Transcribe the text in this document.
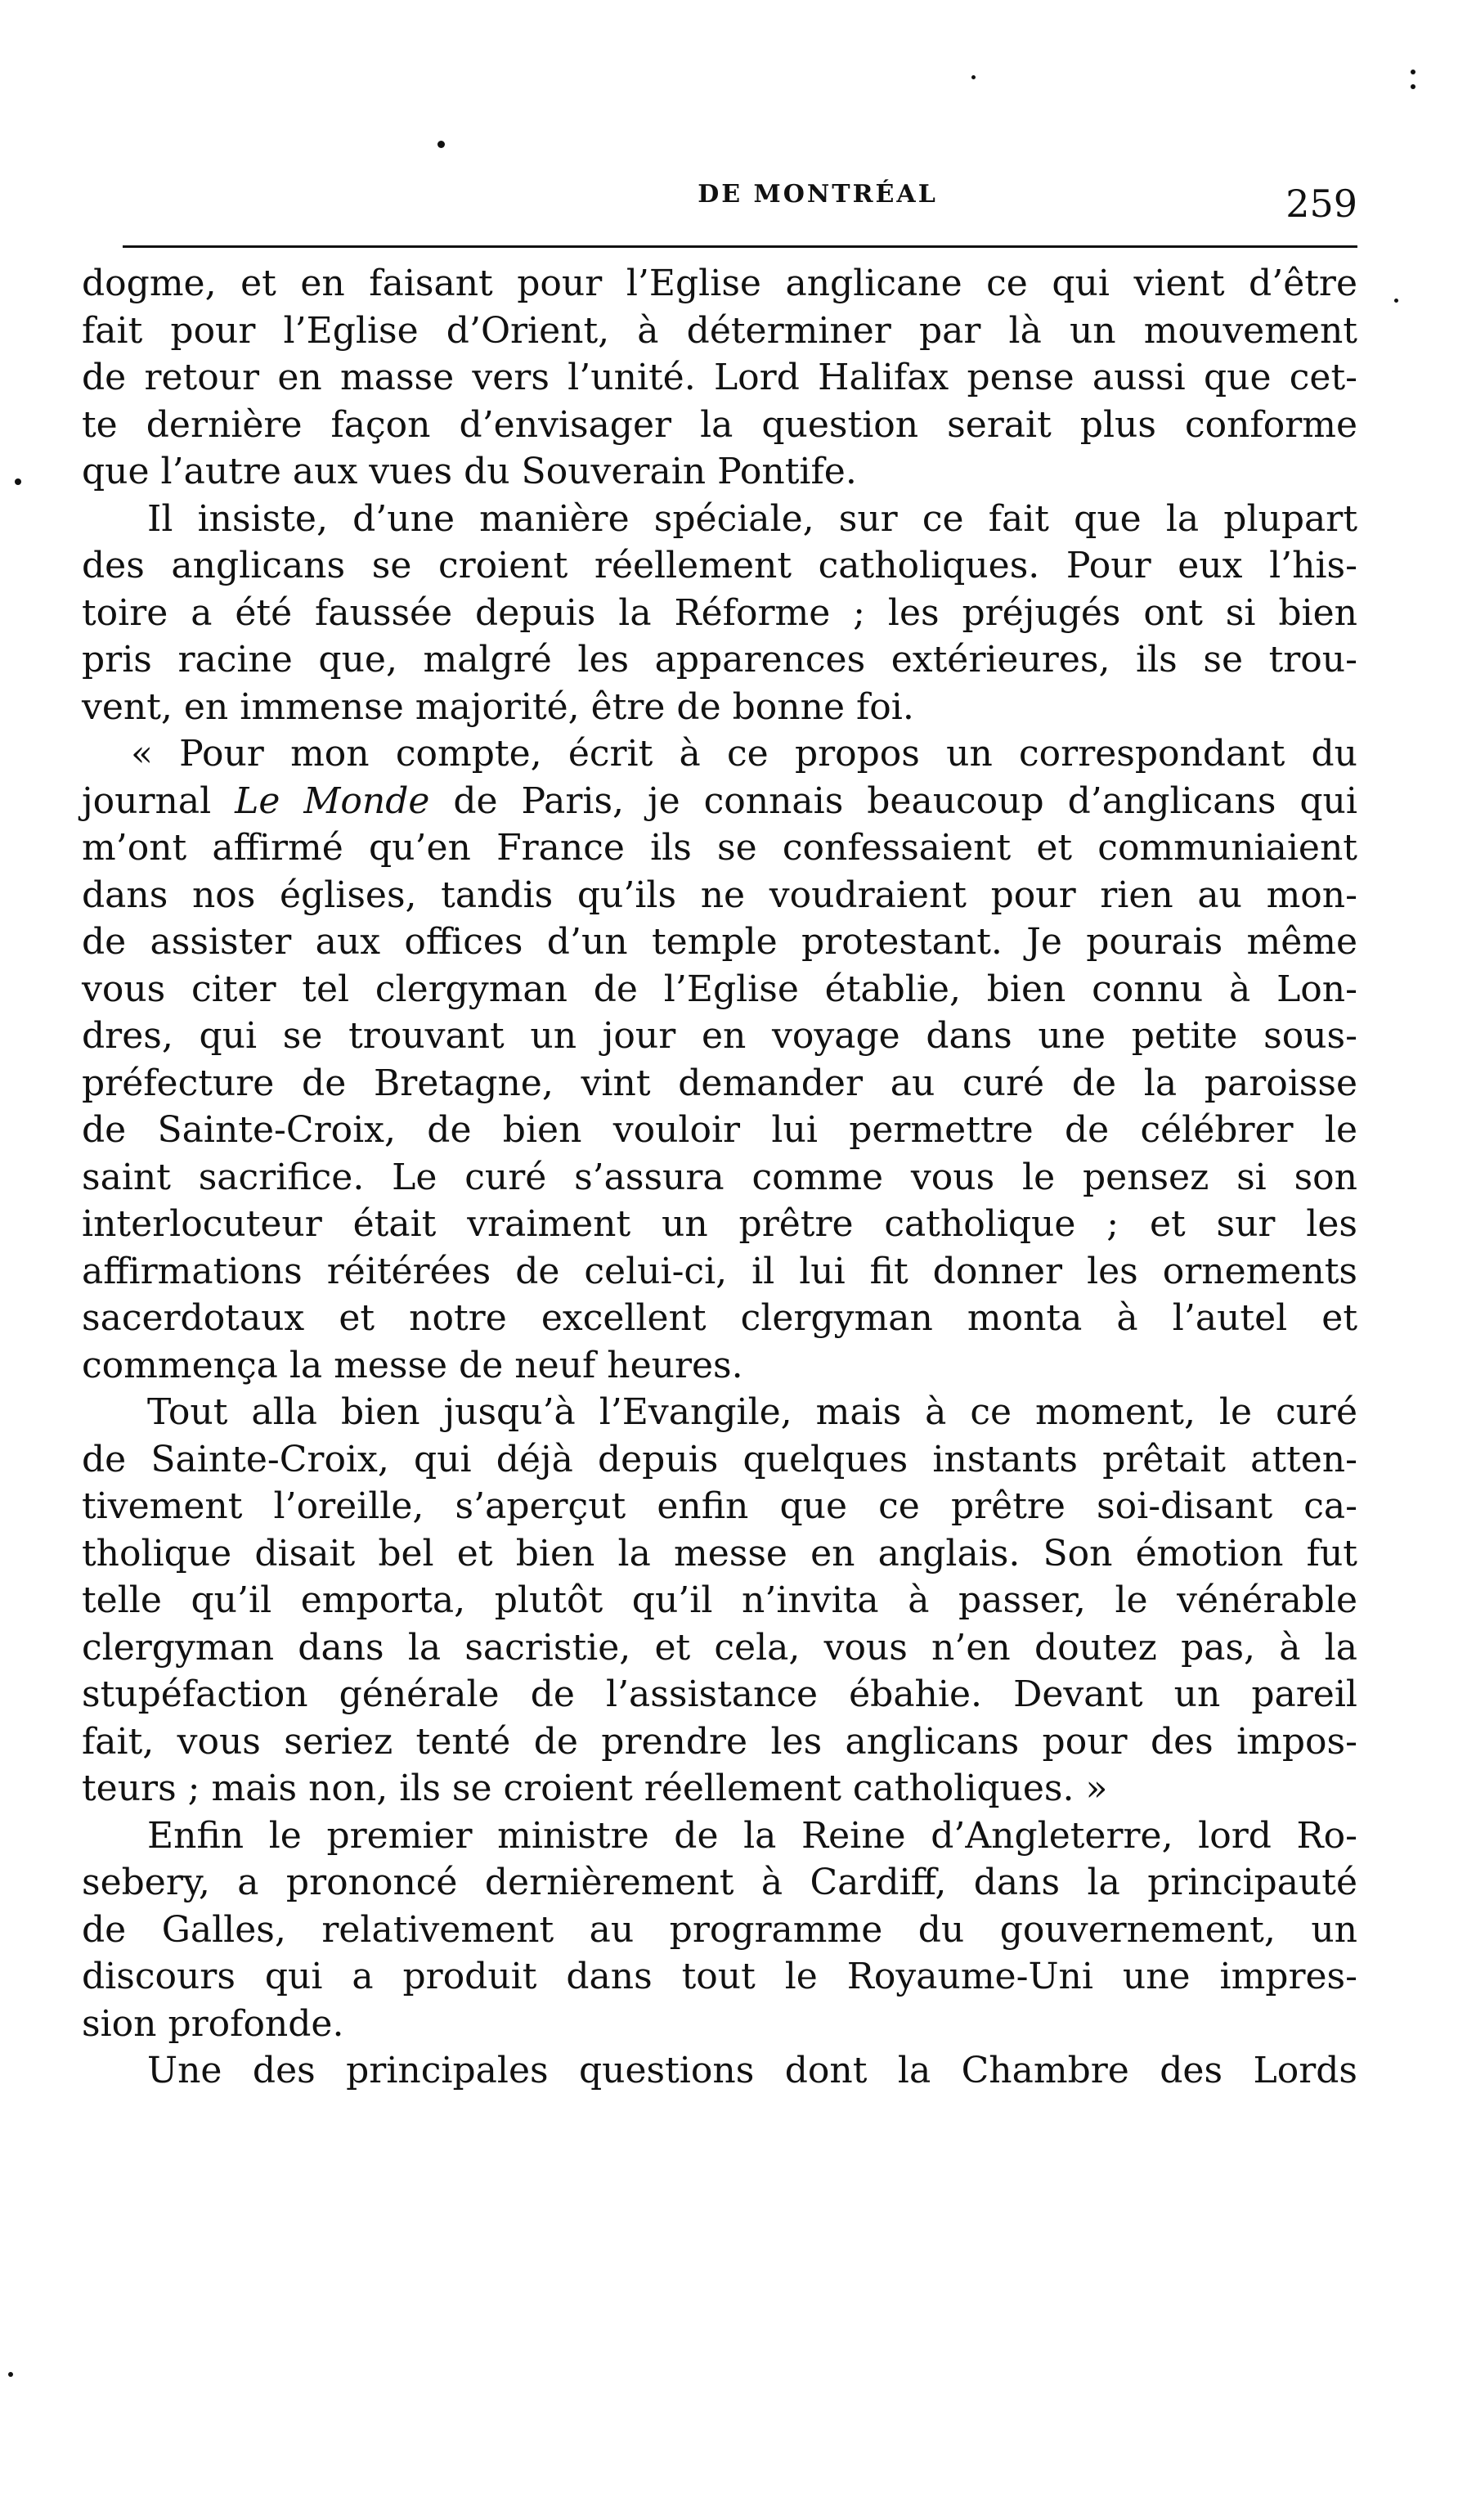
DE MONTRÉAL	259

dogme, et en faisant pour l’Eglise anglicane ce qui vient d’être
fait pour l’Eglise d’Orient, à déterminer par là un mouvement
de retour en masse vers l’unité. Lord Halifax pense aussi que cet-
te dernière façon d’envisager la question serait plus conforme
que l’autre aux vues du Souverain Pontife.

Il insiste, d’une manière spéciale, sur ce fait que la plupart
des anglicans se croient réellement catholiques. Pour eux l’his-
toire a été faussée depuis la Réforme ; les préjugés ont si bien
pris racine que, malgré les apparences extérieures, ils se trou-
vent, en immense majorité, être de bonne foi.

« Pour mon compte, écrit à ce propos un correspondant du
journal Le Monde de Paris, je connais beaucoup d’anglicans qui
m’ont affirmé qu’en France ils se confessaient et communiaient
dans nos églises, tandis qu’ils ne voudraient pour rien au mon-
de assister aux offices d’un temple protestant. Je pourais même
vous citer tel clergyman de l’Eglise établie, bien connu à Lon-
dres, qui se trouvant un jour en voyage dans une petite sous-
préfecture de Bretagne, vint demander au curé de la paroisse
de Sainte-Croix, de bien vouloir lui permettre de célébrer le
saint sacrifice. Le curé s’assura comme vous le pensez si son
interlocuteur était vraiment un prêtre catholique ; et sur les
affirmations réitérées de celui-ci, il lui fit donner les ornements
sacerdotaux et notre excellent clergyman monta à l’autel et
commença la messe de neuf heures.

Tout alla bien jusqu’à l’Evangile, mais à ce moment, le curé
de Sainte-Croix, qui déjà depuis quelques instants prêtait atten-
tivement l’oreille, s’aperçut enfin que ce prêtre soi-disant ca-
tholique disait bel et bien la messe en anglais. Son émotion fut
telle qu’il emporta, plutôt qu’il n’invita à passer, le vénérable
clergyman dans la sacristie, et cela, vous n’en doutez pas, à la
stupéfaction générale de l’assistance ébahie. Devant un pareil
fait, vous seriez tenté de prendre les anglicans pour des impos-
teurs ; mais non, ils se croient réellement catholiques. »

Enfin le premier ministre de la Reine d’Angleterre, lord Ro-
sebery, a prononcé dernièrement à Cardiff, dans la principauté
de Galles, relativement au programme du gouvernement, un
discours qui a produit dans tout le Royaume-Uni une impres-
sion profonde.

Une des principales questions dont la Chambre des Lords
